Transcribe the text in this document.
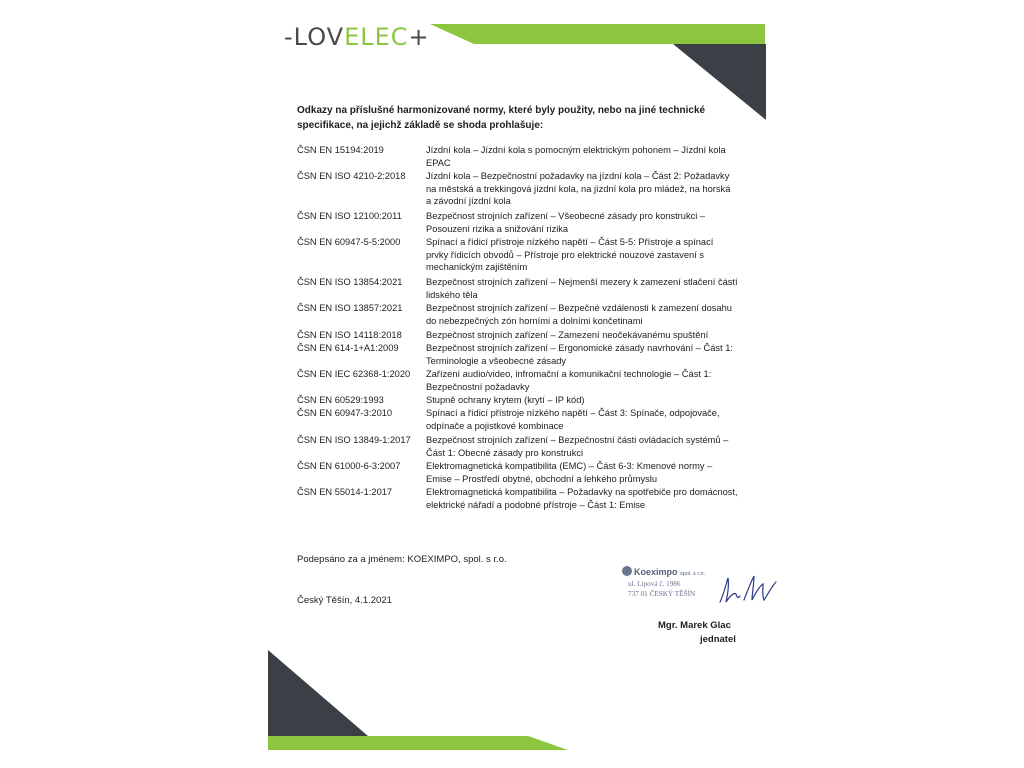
-LOVELEC+

Odkazy na příslušné harmonizované normy, které byly použity, nebo na jiné technické specifikace, na jejichž základě se shoda prohlašuje:

ČSN EN 15194:2019	Jízdní kola – Jízdní kola s pomocným elektrickým pohonem – Jízdní kola EPAC
ČSN EN ISO 4210-2:2018	Jízdní kola – Bezpečnostní požadavky na jízdní kola – Část 2: Požadavky na městská a trekkingová jízdní kola, na jízdní kola pro mládež, na horská a závodní jízdní kola
ČSN EN ISO 12100:2011	Bezpečnost strojních zařízení – Všeobecné zásady pro konstrukci – Posouzení rizika a snižování rizika
ČSN EN 60947-5-5:2000	Spínací a řídicí přístroje nízkého napětí – Část 5-5: Přístroje a spínací prvky řídicích obvodů – Přístroje pro elektrické nouzové zastavení s mechanickým zajištěním
ČSN EN ISO 13854:2021	Bezpečnost strojních zařízení – Nejmenší mezery k zamezení stlačení částí lidského těla
ČSN EN ISO 13857:2021	Bezpečnost strojních zařízení – Bezpečné vzdálenosti k zamezení dosahu do nebezpečných zón horními a dolními končetinami
ČSN EN ISO 14118:2018	Bezpečnost strojních zařízení – Zamezení neočekávanému spuštění
ČSN EN 614-1+A1:2009	Bezpečnost strojních zařízení – Ergonomické zásady navrhování – Část 1: Terminologie a všeobecné zásady
ČSN EN IEC 62368-1:2020	Zařízení audio/video, infromační a komunikační technologie – Část 1: Bezpečnostní požadavky
ČSN EN 60529:1993	Stupně ochrany krytem (krytí – IP kód)
ČSN EN 60947-3:2010	Spínací a řídicí přístroje nízkého napětí – Část 3: Spínače, odpojovače, odpínače a pojistkové kombinace
ČSN EN ISO 13849-1:2017	Bezpečnost strojních zařízení – Bezpečnostní části ovládacích systémů – Část 1: Obecné zásady pro konstrukci
ČSN EN 61000-6-3:2007	Elektromagnetická kompatibilita (EMC) – Část 6-3: Kmenové normy – Emise – Prostředí obytné, obchodní a lehkého průmyslu
ČSN EN 55014-1:2017	Elektromagnetická kompatibilita – Požadavky na spotřebiče pro domácnost, elektrické nářadí a podobné přístroje – Část 1: Emise
Podepsáno za a jménem: KOEXIMPO, spol. s r.o.
Český Těšín, 4.1.2021
Koeximpo spol. s r.o.
ul. Lipová č. 1986
737 01 ČESKÝ TĚŠÍN
Mgr. Marek Glac
jednatel
